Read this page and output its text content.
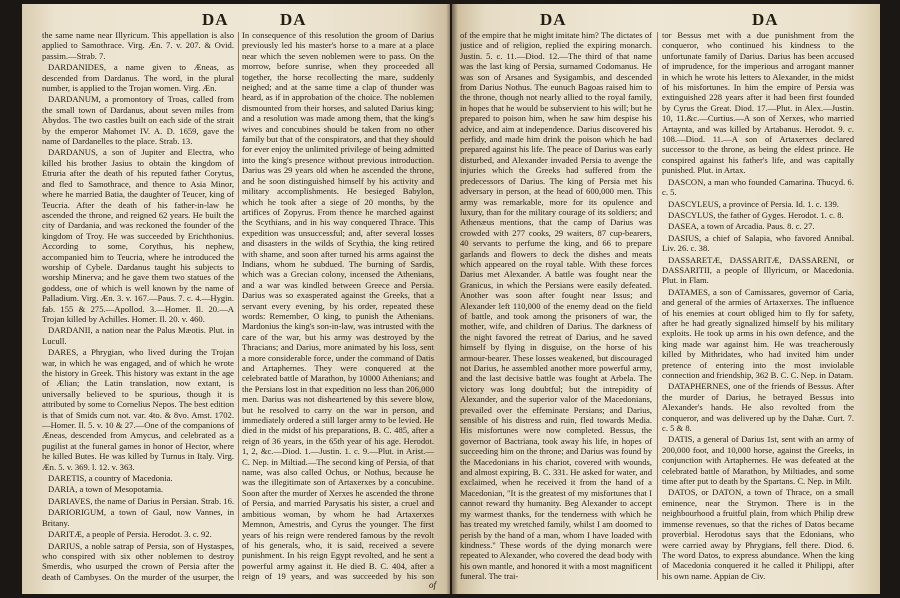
DA	DA

the same name near Illyricum. This appellation is also applied to Samothrace. Virg. Æn. 7. v. 207. & Ovid. passim.—Strab. 7.

DARDANIDES, a name given to Æneas, as descended from Dardanus. The word, in the plural number, is applied to the Trojan women. Virg. Æn.

DARDANUM, a promontory of Troas, called from the small town of Dardanus, about seven miles from Abydos. The two castles built on each side of the strait by the emperor Mahomet IV. A. D. 1659, gave the name of Dardanelles to the place. Strab. 13.

DARDANUS, a son of Jupiter and Electra, who killed his brother Jasius to obtain the kingdom of Etruria after the death of his reputed father Corytus, and fled to Samothrace, and thence to Asia Minor, where he married Batia, the daughter of Teucer, king of Teucria. After the death of his father-in-law he ascended the throne, and reigned 62 years. He built the city of Dardania, and was reckoned the founder of the kingdom of Troy. He was succeeded by Erichthonius. According to some, Corythus, his nephew, accompanied him to Teucria, where he introduced the worship of Cybele. Dardanus taught his subjects to worship Minerva; and he gave them two statues of the goddess, one of which is well known by the name of Palladium. Virg. Æn. 3. v. 167.—Paus. 7. c. 4.—Hygin. fab. 155 & 275.—Apollod. 3.—Homer. Il. 20.—A Trojan killed by Achilles. Homer. Il. 20. v. 460.

DARDANII, a nation near the Palus Mæotis. Plut. in Lucull.

DARES, a Phrygian, who lived during the Trojan war, in which he was engaged, and of which he wrote the history in Greek. This history was extant in the age of Ælian; the Latin translation, now extant, is universally believed to be spurious, though it is attributed by some to Cornelius Nepos. The best edition is that of Smids cum not. var. 4to. & 8vo. Amst. 1702.—Homer. Il. 5. v. 10 & 27.—One of the companions of Æneas, descended from Amycus, and celebrated as a pugilist at the funeral games in honor of Hector, where he killed Butes. He was killed by Turnus in Italy. Virg. Æn. 5. v. 369. l. 12. v. 363.

DARETIS, a country of Macedonia.

DARIA, a town of Mesopotamia.

DARIAVES, the name of Darius in Persian. Strab. 16.

DARIORIGUM, a town of Gaul, now Vannes, in Britany.

DARITÆ, a people of Persia. Herodot. 3. c. 92.

DARIUS, a noble satrap of Persia, son of Hystaspes, who conspired with six other noblemen to destroy Smerdis, who usurped the crown of Persia after the death of Cambyses. On the murder of the usurper, the

In consequence of this resolution the groom of Darius previously led his master's horse to a mare at a place near which the seven noblemen were to pass. On the morrow, before sunrise, when they proceeded all together, the horse recollecting the mare, suddenly neighed; and at the same time a clap of thunder was heard, as if in approbation of the choice. The noblemen dismounted from their horses, and saluted Darius king; and a resolution was made among them, that the king's wives and concubines should be taken from no other family but that of the conspirators, and that they should for ever enjoy the unlimited privilege of being admitted into the king's presence without previous introduction. Darius was 29 years old when he ascended the throne, and he soon distinguished himself by his activity and military accomplishments. He besieged Babylon, which he took after a siege of 20 months, by the artifices of Zopyrus. From thence he marched against the Scythians, and in his way conquered Thrace. This expedition was unsuccessful; and, after several losses and disasters in the wilds of Scythia, the king retired with shame, and soon after turned his arms against the Indians, whom he subdued. The burning of Sardis, which was a Grecian colony, incensed the Athenians, and a war was kindled between Greece and Persia. Darius was so exasperated against the Greeks, that a servant every evening, by his order, repeated these words: Remember, O king, to punish the Athenians. Mardonius the king's son-in-law, was intrusted with the care of the war, but his army was destroyed by the Thracians; and Darius, more animated by his loss, sent a more considerable force, under the command of Datis and Artaphernes. They were conquered at the celebrated battle of Marathon, by 10000 Athenians; and the Persians lost in that expedition no less than 206,000 men. Darius was not disheartened by this severe blow, but he resolved to carry on the war in person, and immediately ordered a still larger army to be levied. He died in the midst of his preparations, B. C. 485, after a reign of 36 years, in the 65th year of his age. Herodot. 1, 2, &c.—Diod. 1.—Justin. 1. c. 9.—Plut. in Arist.—C. Nep. in Miltiad.—The second king of Persia, of that name, was also called Ochus, or Nothus, because he was the illegitimate son of Artaxerxes by a concubine. Soon after the murder of Xerxes he ascended the throne of Persia, and married Parysatis his sister, a cruel and ambitious woman, by whom he had Artaxerxes Memnon, Amestris, and Cyrus the younger. The first years of his reign were rendered famous by the revolt of his generals, who, it is said, received a severe punishment. In his reign Egypt revolted, and he sent a powerful army against it. He died B. C. 404, after a reign of 19 years, and was succeeded by his son

of
DA	DA

of the empire that he might imitate him? The dictates of justice and of religion, replied the expiring monarch. Justin. 5. c. 11.—Diod. 12.—The third of that name was the last king of Persia, surnamed Codomanus. He was son of Arsanes and Sysigambis, and descended from Darius Nothus. The eunuch Bagoas raised him to the throne, though not nearly allied to the royal family, in hopes that he would be subservient to his will; but he prepared to poison him, when he saw him despise his advice, and aim at independence. Darius discovered his perfidy, and made him drink the poison which he had prepared against his life. The peace of Darius was early disturbed, and Alexander invaded Persia to avenge the injuries which the Greeks had suffered from the predecessors of Darius. The king of Persia met his adversary in person, at the head of 600,000 men. This army was remarkable, more for its opulence and luxury, than for the military courage of its soldiers; and Athenæus mentions, that the camp of Darius was crowded with 277 cooks, 29 waiters, 87 cup-bearers, 40 servants to perfume the king, and 66 to prepare garlands and flowers to deck the dishes and meats which appeared on the royal table. With these forces Darius met Alexander. A battle was fought near the Granicus, in which the Persians were easily defeated. Another was soon after fought near Issus; and Alexander left 110,000 of the enemy dead on the field of battle, and took among the prisoners of war, the mother, wife, and children of Darius. The darkness of the night favored the retreat of Darius, and he saved himself by flying in disguise, on the horse of his armour-bearer. These losses weakened, but discouraged not Darius, he assembled another more powerful army, and the last decisive battle was fought at Arbela. The victory was long doubtful; but the intrepidity of Alexander, and the superior valor of the Macedonians, prevailed over the effeminate Persians; and Darius, sensible of his distress and ruin, fled towards Media. His misfortunes were now completed. Bessus, the governor of Bactriana, took away his life, in hopes of succeeding him on the throne; and Darius was found by the Macedonians in his chariot, covered with wounds, and almost expiring, B. C. 331. He asked for water, and exclaimed, when he received it from the hand of a Macedonian, "It is the greatest of my misfortunes that I cannot reward thy humanity. Beg Alexander to accept my warmest thanks, for the tenderness with which he has treated my wretched family, whilst I am doomed to perish by the hand of a man, whom I have loaded with kindness." These words of the dying monarch were repeated to Alexander, who covered the dead body with his own mantle, and honored it with a most magnificent funeral. The trai-

tor Bessus met with a due punishment from the conqueror, who continued his kindness to the unfortunate family of Darius. Darius has been accused of imprudence, for the imperious and arrogant manner in which he wrote his letters to Alexander, in the midst of his misfortunes. In him the empire of Persia was extinguished 228 years after it had been first founded by Cyrus the Great. Diod. 17.—Plut. in Alex.—Justin. 10, 11.&c.—Curtius.—A son of Xerxes, who married Artaynta, and was killed by Artabanus. Herodot. 9. c. 108.—Diod. 11.—A son of Artaxerxes declared successor to the throne, as being the eldest prince. He conspired against his father's life, and was capitally punished. Plut. in Artax.

DASCON, a man who founded Camarina. Thucyd. 6. c. 5.

DASCYLEUS, a province of Persia. Id. 1. c. 139.

DASCYLUS, the father of Gyges. Herodot. 1. c. 8.

DASEA, a town of Arcadia. Paus. 8. c. 27.

DASIUS, a chief of Salapia, who favored Annibal. Liv. 26. c. 38.

DASSARETÆ, DASSARITÆ, DASSARENI, or DASSARITII, a people of Illyricum, or Macedonia. Plut. in Flam.

DATAMES, a son of Camissares, governor of Caria, and general of the armies of Artaxerxes. The influence of his enemies at court obliged him to fly for safety, after he had greatly signalized himself by his military exploits. He took up arms in his own defence, and the king made war against him. He was treacherously killed by Mithridates, who had invited him under pretence of entering into the most inviolable connection and friendship, 362 B. C. C. Nep. in Datam.

DATAPHERNES, one of the friends of Bessus. After the murder of Darius, he betrayed Bessus into Alexander's hands. He also revolted from the conqueror, and was delivered up by the Dahæ. Curt. 7. c. 5 & 8.

DATIS, a general of Darius 1st, sent with an army of 200,000 foot, and 10,000 horse, against the Greeks, in conjunction with Artaphernes. He was defeated at the celebrated battle of Marathon, by Miltiades, and some time after put to death by the Spartans. C. Nep. in Milt.

DATOS, or DATON, a town of Thrace, on a small eminence, near the Strymon. There is in the neighbourhood a fruitful plain, from which Philip drew immense revenues, so that the riches of Datos became proverbial. Herodotus says that the Edonians, who were carried away by Phrygians, fell there. Diod. 6. The word Datos, to express abundance. When the king of Macedonia conquered it he called it Philippi, after his own name. Appian de Civ.
